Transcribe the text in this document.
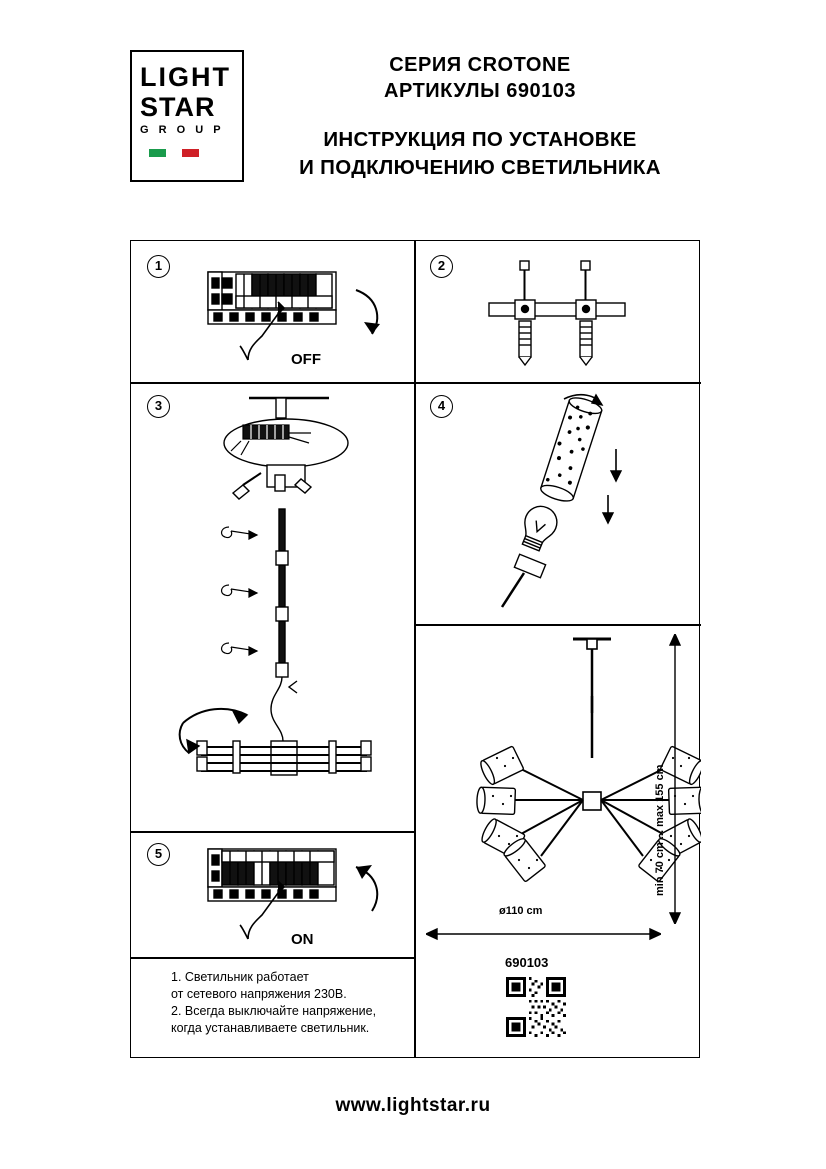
LIGHT
STAR
G R O U P
СЕРИЯ CROTONE
АРТИКУЛЫ 690103
ИНСТРУКЦИЯ ПО УСТАНОВКЕ
И ПОДКЛЮЧЕНИЮ СВЕТИЛЬНИКА
1
OFF
2
3	4
min 70 cm ... max 155 cm
ø110 cm
690103
5
ON
1. Светильник работает
от сетевого напряжения 230В.
2. Всегда выключайте напряжение,
когда устанавливаете светильник.
www.lightstar.ru
